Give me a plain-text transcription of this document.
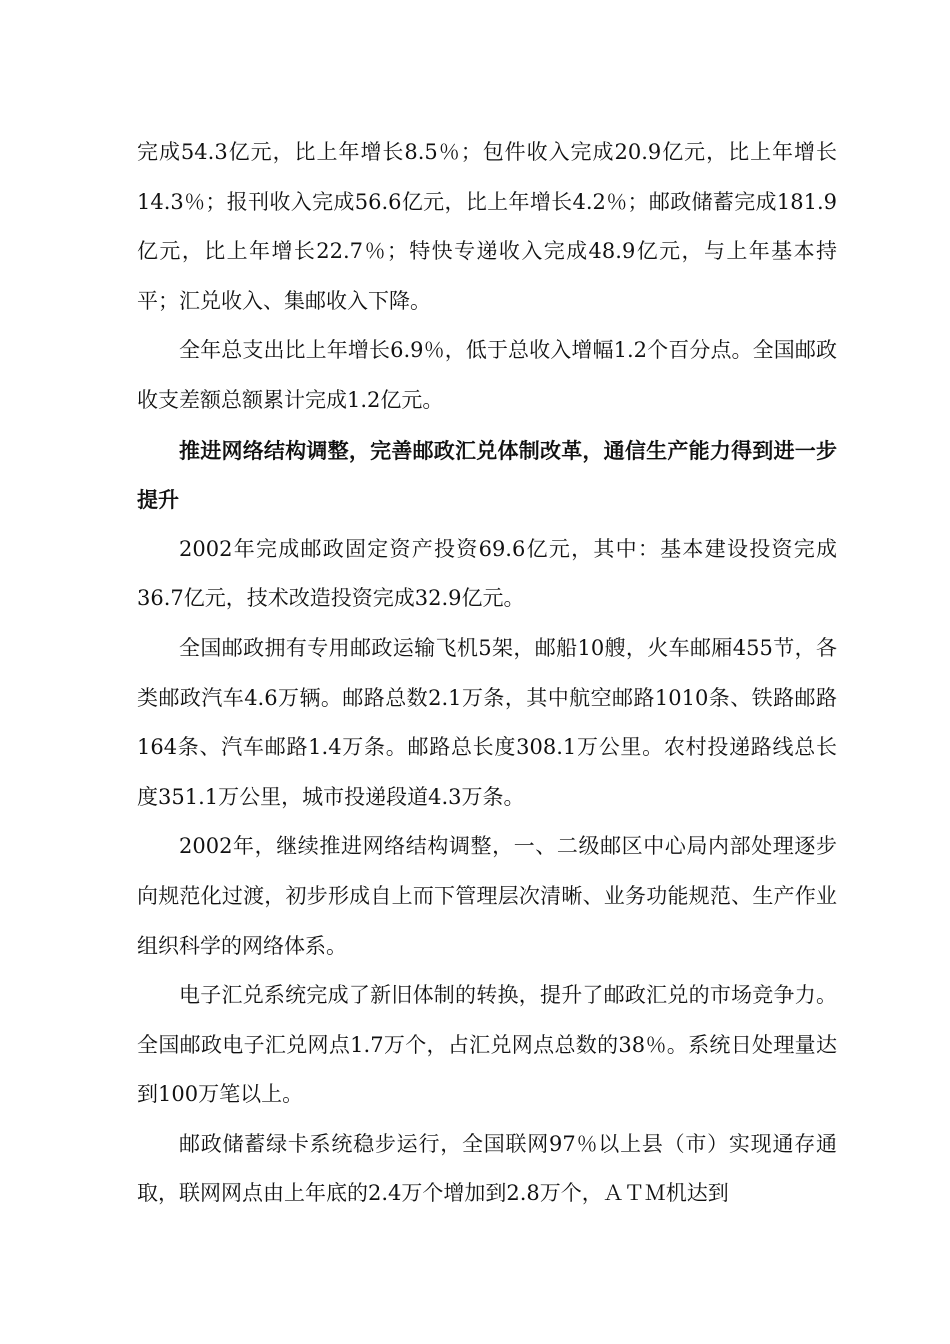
完成54.3亿元，比上年增长8.5％；包件收入完成20.9亿元，比上年增长14.3％；报刊收入完成56.6亿元，比上年增长4.2％；邮政储蓄完成181.9亿元，比上年增长22.7％；特快专递收入完成48.9亿元，与上年基本持平；汇兑收入、集邮收入下降。

全年总支出比上年增长6.9％，低于总收入增幅1.2个百分点。全国邮政收支差额总额累计完成1.2亿元。

推进网络结构调整，完善邮政汇兑体制改革，通信生产能力得到进一步提升

2002年完成邮政固定资产投资69.6亿元，其中：基本建设投资完成36.7亿元，技术改造投资完成32.9亿元。

全国邮政拥有专用邮政运输飞机5架，邮船10艘，火车邮厢455节，各类邮政汽车4.6万辆。邮路总数2.1万条，其中航空邮路1010条、铁路邮路164条、汽车邮路1.4万条。邮路总长度308.1万公里。农村投递路线总长度351.1万公里，城市投递段道4.3万条。

2002年，继续推进网络结构调整，一、二级邮区中心局内部处理逐步向规范化过渡，初步形成自上而下管理层次清晰、业务功能规范、生产作业组织科学的网络体系。

电子汇兑系统完成了新旧体制的转换，提升了邮政汇兑的市场竞争力。全国邮政电子汇兑网点1.7万个，占汇兑网点总数的38％。系统日处理量达到100万笔以上。

邮政储蓄绿卡系统稳步运行，全国联网97％以上县（市）实现通存通取，联网网点由上年底的2.4万个增加到2.8万个，ＡＴＭ机达到
